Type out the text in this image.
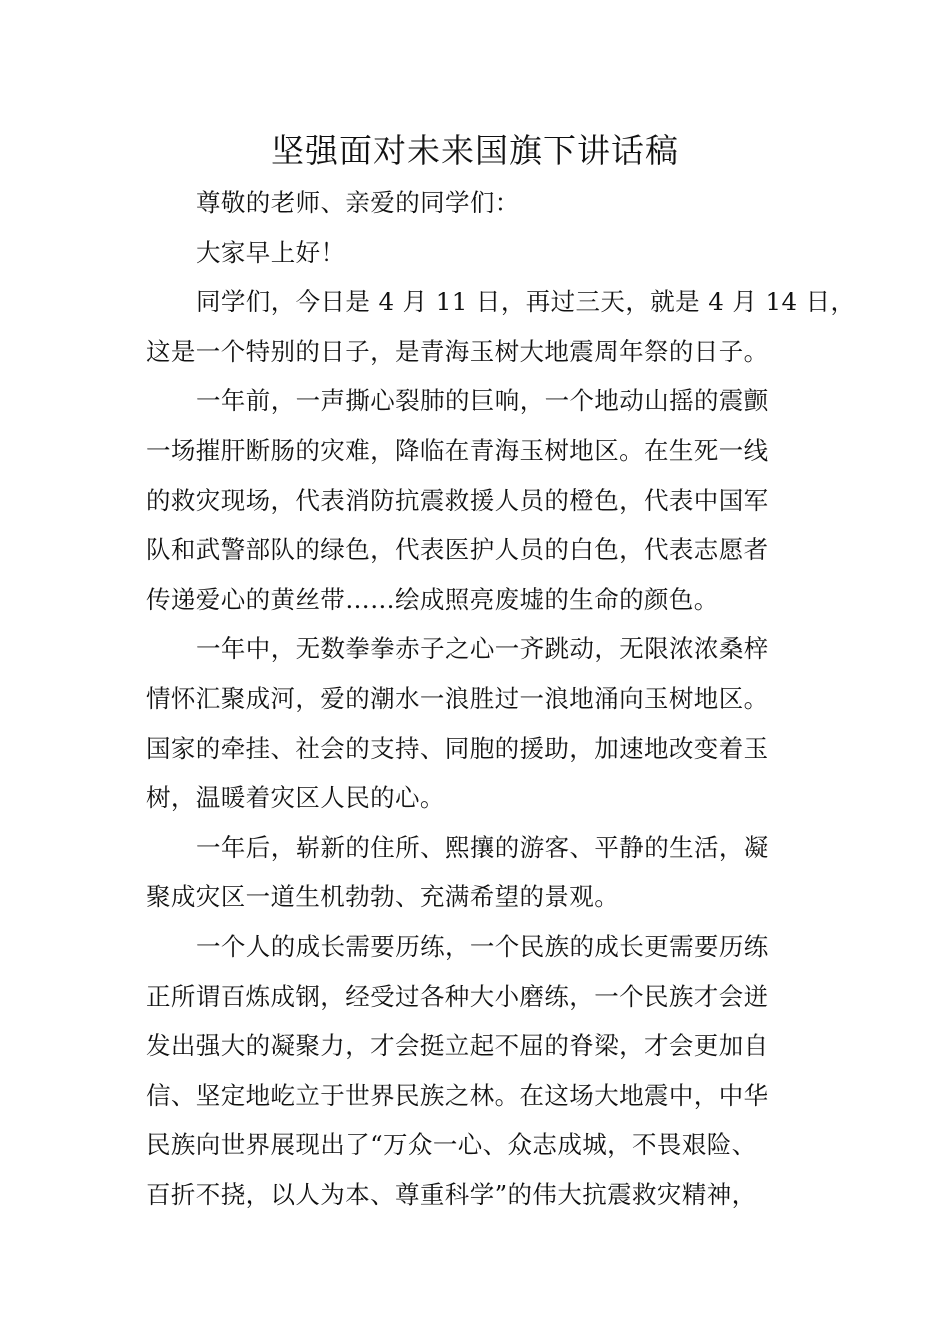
坚强面对未来国旗下讲话稿
尊敬的老师、亲爱的同学们：
大家早上好！
同学们，今日是 4 月 11 日，再过三天，就是 4 月 14 日，
这是一个特别的日子，是青海玉树大地震周年祭的日子。
一年前，一声撕心裂肺的巨响，一个地动山摇的震颤
一场摧肝断肠的灾难，降临在青海玉树地区。在生死一线
的救灾现场，代表消防抗震救援人员的橙色，代表中国军
队和武警部队的绿色，代表医护人员的白色，代表志愿者
传递爱心的黄丝带……绘成照亮废墟的生命的颜色。
一年中，无数拳拳赤子之心一齐跳动，无限浓浓桑梓
情怀汇聚成河，爱的潮水一浪胜过一浪地涌向玉树地区。
国家的牵挂、社会的支持、同胞的援助，加速地改变着玉
树，温暖着灾区人民的心。
一年后，崭新的住所、熙攘的游客、平静的生活，凝
聚成灾区一道生机勃勃、充满希望的景观。
一个人的成长需要历练，一个民族的成长更需要历练
正所谓百炼成钢，经受过各种大小磨练，一个民族才会迸
发出强大的凝聚力，才会挺立起不屈的脊梁，才会更加自
信、坚定地屹立于世界民族之林。在这场大地震中，中华
民族向世界展现出了“万众一心、众志成城，不畏艰险、
百折不挠，以人为本、尊重科学”的伟大抗震救灾精神，
